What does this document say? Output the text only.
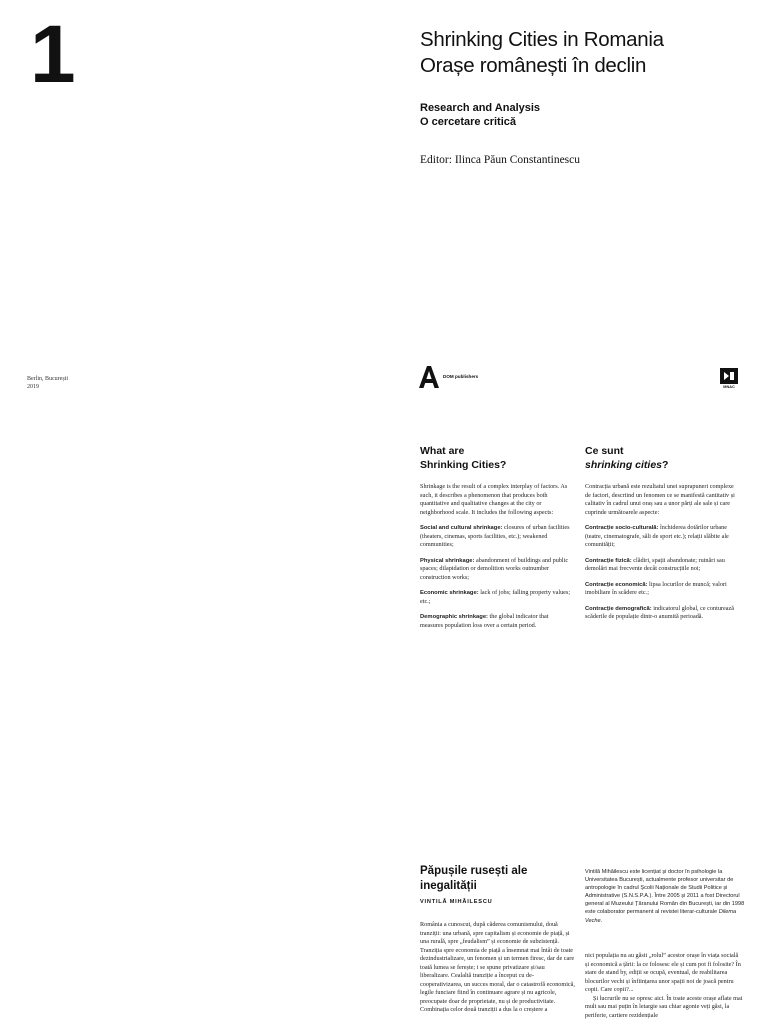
1	Shrinking Cities in Romania
Orașe românești în declin
Research and Analysis
O cercetare critică
Editor: Ilinca Păun Constantinescu
Berlin, București
2019
DOM publishers
MNAC
What are
Shrinking Cities?

Shrinkage is the result of a complex interplay of factors. As such, it describes a phenomenon that produces both quantitative and qualitative changes at the city or neighborhood scale. It includes the following aspects:

Social and cultural shrinkage: closures of urban facilities (theaters, cinemas, sports facilities, etc.); weakened communities;

Physical shrinkage: abandonment of buildings and public spaces; dilapidation or demolition works outnumber construction works;

Economic shrinkage: lack of jobs; falling property values; etc.;

Demographic shrinkage: the global indicator that measures population loss over a certain period.

Ce sunt
shrinking cities?

Contracția urbană este rezultatul unei suprapuneri complexe de factori, descriind un fenomen ce se manifestă cantitativ și calitativ în cadrul unui oraș sau a unor părți ale sale și care cuprinde următoarele aspecte:

Contracție socio-culturală: închiderea dotărilor urbane (teatre, cinematografe, săli de sport etc.); relații slăbite ale comunității;

Contracție fizică: clădiri, spații abandonate; ruinări sau demolări mai frecvente decât construcțiile noi;

Contracție economică: lipsa locurilor de muncă; valori imobiliare în scădere etc.;

Contracție demografică: indicatorul global, ce conturează scăderile de populație dintr-o anumită perioadă.

Păpușile rusești ale inegalității
VINTILĂ MIHĂILESCU
România a cunoscut, după căderea comunismului, două tranziții: una urbană, spre capitalism și economie de piață, și una rurală, spre „feudalism” și economie de subzistență. Tranziția spre economia de piață a însemnat mai întâi de toate dezindustrializare, un fenomen și un termen firesc, dar de care toată lumea se ferește; i se spune privatizare și/sau liberalizare. Cealaltă tranziție a început cu de-cooperativizarea, un succes moral, dar o catastrofă economică, legile funciare fiind în continuare agrare și nu agricole, preocupate doar de proprietate, nu și de productivitate. Combinația celor două tranziții a dus la o creștere a
Vintilă Mihăilescu este licențiat și doctor în psihologie la Universitatea București, actualmente profesor universitar de antropologie în cadrul Școlii Naționale de Studii Politice și Administrative (S.N.S.P.A.). Între 2005 și 2011 a fost Directorul general al Muzeului Țăranului Român din București, iar din 1998 este colaborator permanent al revistei literar-culturale Dilema Veche.

nici populația nu au găsit „rolul” acestor orașe în viața socială și economică a țării: la ce folosesc ele și cum pot fi folosite? În stare de stand by, ediții se ocupă, eventual, de reabilitarea blocurilor vechi și înființarea unor spații noi de joacă pentru copii. Care copii?...

Și lucrurile nu se opresc aici. În toate aceste orașe aflate mai mult sau mai puțin în letargie sau chiar agonie veți găsi, la periferie, cartiere rezidențiale
